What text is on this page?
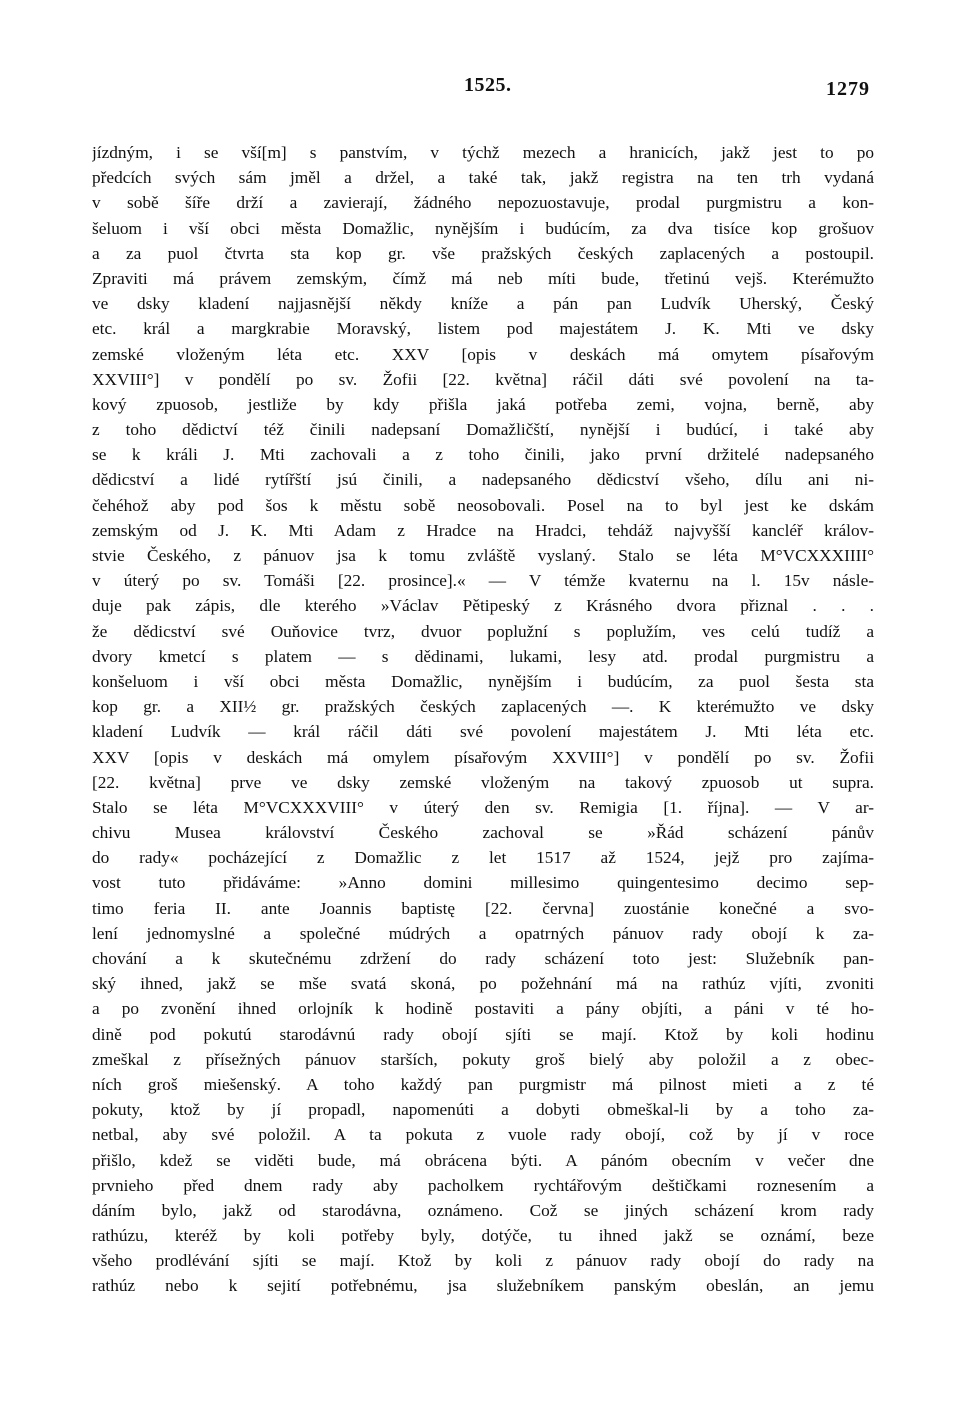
1525.	1279
jízdným, i se vší[m] s panstvím, v týchž mezech a hranicích, jakž jest to po
předcích svých sám jměl a držel, a také tak, jakž registra na ten trh vydaná
v sobě šíře drží a zavierají, žádného nepozuostavuje, prodal purgmistru a kon-
šeluom i vší obci města Domažlic, nynějším i budúcím, za dva tisíce kop grošuov
a za puol čtvrta sta kop gr. vše pražských českých zaplacených a postoupil.
Zpraviti má právem zemským, čímž má neb míti bude, třetinú vejš. Kterémužto
ve dsky kladení najjasnější někdy kníže a pán pan Ludvík Uherský, Český
etc. král a margkrabie Moravský, listem pod majestátem J. K. Mti ve dsky
zemské vloženým léta etc. XXV [opis v deskách má omytem písařovým
XXVIII°] v pondělí po sv. Žofii [22. května] ráčil dáti své povolení na ta-
kový zpuosob, jestliže by kdy přišla jaká potřeba zemi, vojna, berně, aby
z toho dědictví též činili nadepsaní Domažličští, nynější i budúcí, i také aby
se k králi J. Mti zachovali a z toho činili, jako první držitelé nadepsaného
dědicství a lidé rytířští jsú činili, a nadepsaného dědicství všeho, dílu ani ni-
čehéhož aby pod šos k městu sobě neosobovali. Posel na to byl jest ke dskám
zemským od J. K. Mti Adam z Hradce na Hradci, tehdáž najvyšší kancléř králov-
stvie Českého, z pánuov jsa k tomu zvláště vyslaný. Stalo se léta M°VCXXXIIII°
v úterý po sv. Tomáši [22. prosince].« — V témže kvaternu na l. 15v násle-
duje pak zápis, dle kterého »Václav Pětipeský z Krásného dvora přiznal . . .
že dědicství své Ouňovice tvrz, dvuor poplužní s poplužím, ves celú tudíž a
dvory kmetcí s platem — s dědinami, lukami, lesy atd. prodal purgmistru a
konšeluom i vší obci města Domažlic, nynějším i budúcím, za puol šesta sta
kop gr. a XII½ gr. pražských českých zaplacených —. K kterémužto ve dsky
kladení Ludvík — král ráčil dáti své povolení majestátem J. Mti léta etc.
XXV [opis v deskách má omylem písařovým XXVIII°] v pondělí po sv. Žofii
[22. května] prve ve dsky zemské vloženým na takový zpuosob ut supra.
Stalo se léta M°VCXXXVIII° v úterý den sv. Remigia [1. října]. — V ar-
chivu Musea království Českého zachoval se »Řád scházení pánův
do rady« pocházející z Domažlic z let 1517 až 1524, jejž pro zajíma-
vost tuto přidáváme: »Anno domini millesimo quingentesimo decimo sep-
timo feria II. ante Joannis baptistę [22. června] zuostánie konečné a svo-
lení jednomyslné a společné múdrých a opatrných pánuov rady obojí k za-
chování a k skutečnému zdržení do rady scházení toto jest: Služebník pan-
ský ihned, jakž se mše svatá skoná, po požehnání má na rathúz vjíti, zvoniti
a po zvonění ihned orlojník k hodině postaviti a pány objíti, a páni v té ho-
dině pod pokutú starodávnú rady obojí sjíti se mají. Ktož by koli hodinu
zmeškal z přísežných pánuov starších, pokuty groš bielý aby položil a z obec-
ních groš miešenský. A toho každý pan purgmistr má pilnost mieti a z té
pokuty, ktož by jí propadl, napomenúti a dobyti obmeškal-li by a toho za-
netbal, aby své položil. A ta pokuta z vuole rady obojí, což by jí v roce
přišlo, kdež se viděti bude, má obrácena býti. A pánóm obecním v večer dne
prvnieho před dnem rady aby pacholkem rychtářovým deštičkami roznesením a
dáním bylo, jakž od starodávna, oznámeno. Což se jiných scházení krom rady
rathúzu, kteréž by koli potřeby byly, dotýče, tu ihned jakž se oznámí, beze
všeho prodlévání sjíti se mají. Ktož by koli z pánuov rady obojí do rady na
rathúz nebo k sejití potřebnému, jsa služebníkem panským obeslán, an jemu
